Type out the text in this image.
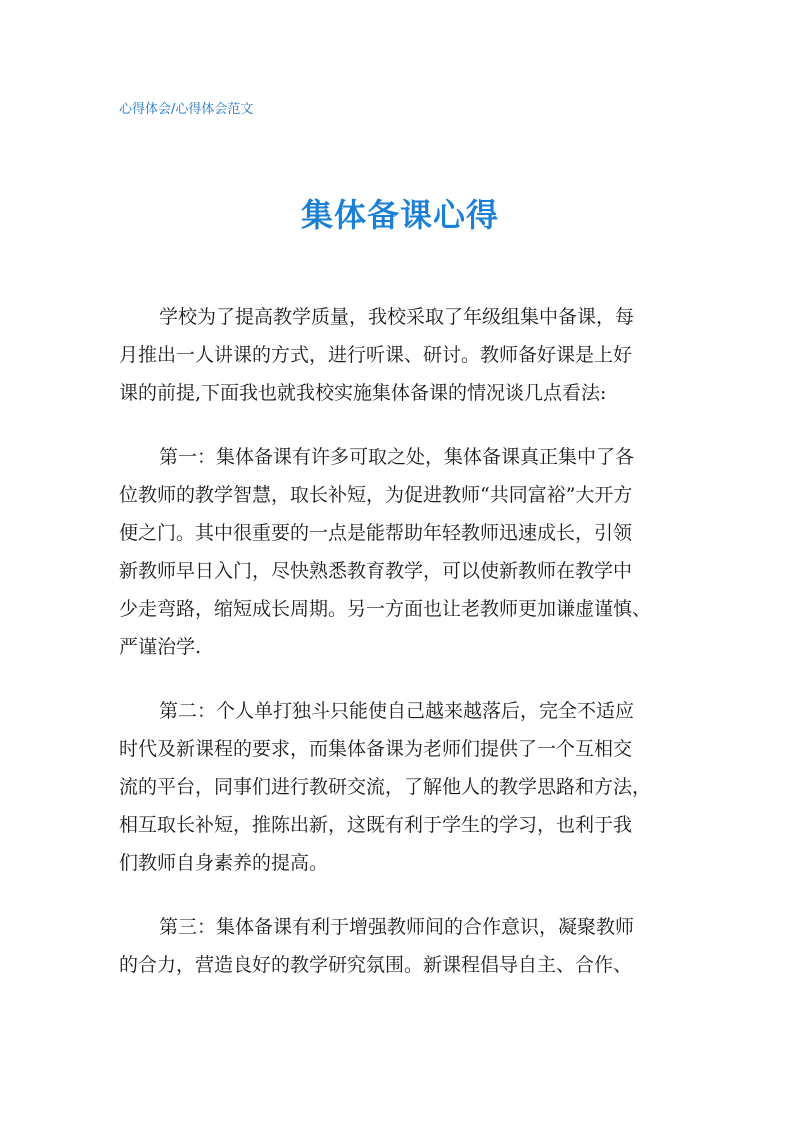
心得体会/心得体会范文
集体备课心得
学校为了提高教学质量，我校采取了年级组集中备课，每
月推出一人讲课的方式，进行听课、研讨。教师备好课是上好
课的前提,下面我也就我校实施集体备课的情况谈几点看法:
第一：集体备课有许多可取之处，集体备课真正集中了各
位教师的教学智慧，取长补短，为促进教师“共同富裕”大开方
便之门。其中很重要的一点是能帮助年轻教师迅速成长，引领
新教师早日入门，尽快熟悉教育教学，可以使新教师在教学中
少走弯路，缩短成长周期。另一方面也让老教师更加谦虚谨慎、
严谨治学.
第二：个人单打独斗只能使自己越来越落后，完全不适应
时代及新课程的要求，而集体备课为老师们提供了一个互相交
流的平台，同事们进行教研交流，了解他人的教学思路和方法，
相互取长补短，推陈出新，这既有利于学生的学习，也利于我
们教师自身素养的提高。
第三：集体备课有利于增强教师间的合作意识，凝聚教师
的合力，营造良好的教学研究氛围。新课程倡导自主、合作、
